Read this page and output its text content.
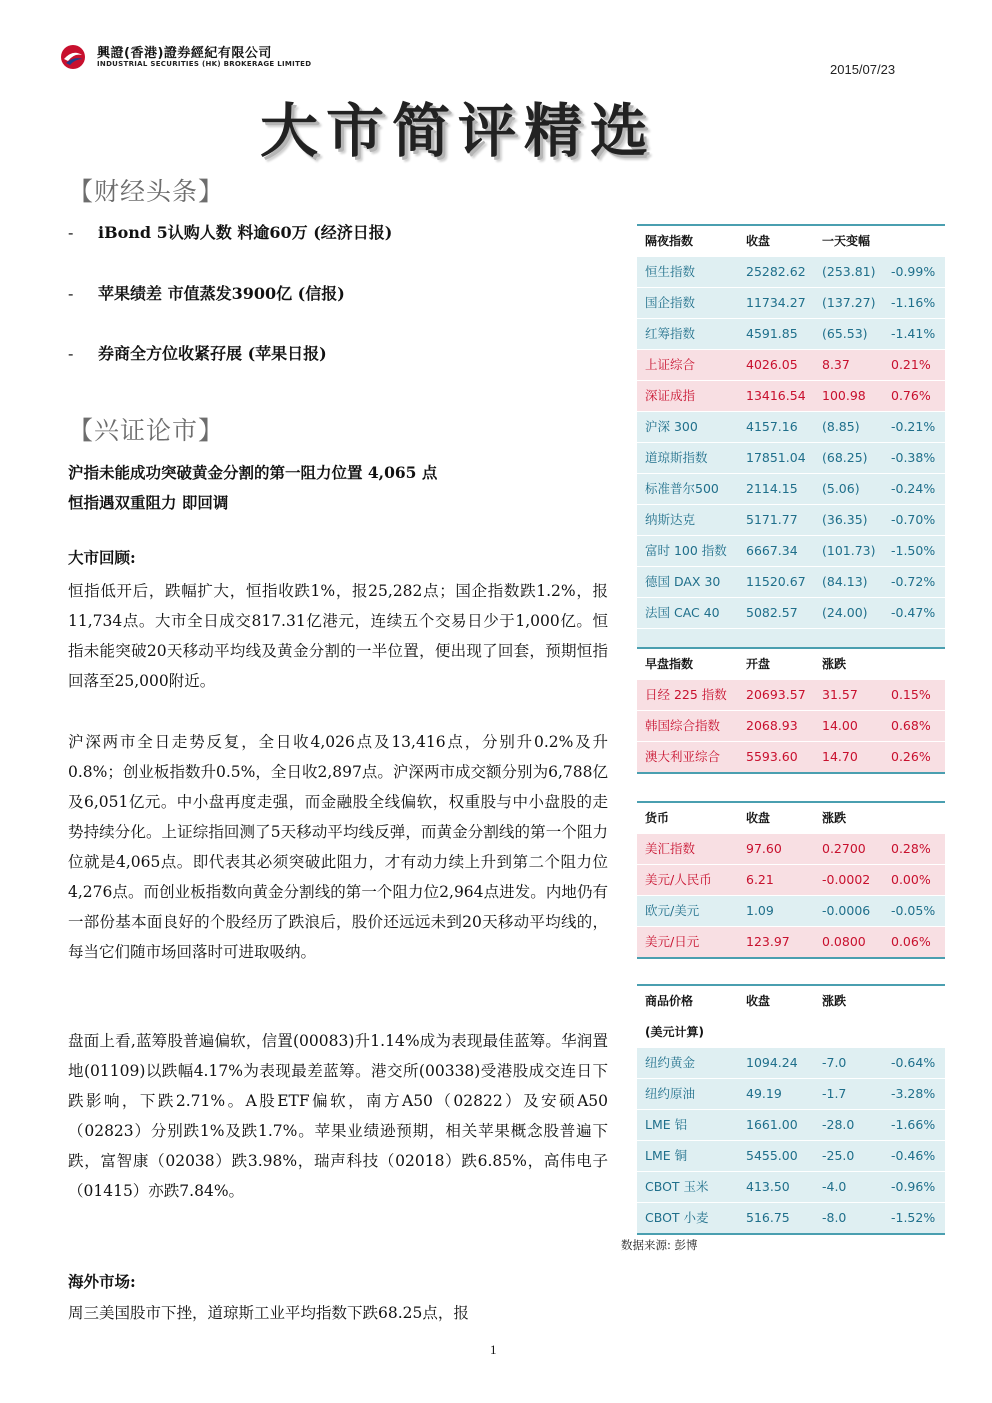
興證(香港)證券經紀有限公司
INDUSTRIAL SECURITIES (HK) BROKERAGE LIMITED	2015/07/23
大市简评精选
【财经头条】
- iBond 5认购人数 料逾60万 (经济日报)
- 苹果绩差 市值蒸发3900亿 (信报)
- 券商全方位收紧孖展 (苹果日报)
【兴证论市】
沪指未能成功突破黄金分割的第一阻力位置 4,065 点
恒指遇双重阻力 即回调
大市回顾:
恒指低开后，跌幅扩大，恒指收跌1%，报25,282点；国企指数跌1.2%，报11,734点。大市全日成交817.31亿港元，连续五个交易日少于1,000亿。恒指未能突破20天移动平均线及黄金分割的一半位置，便出现了回套，预期恒指回落至25,000附近。
沪深两市全日走势反复，全日收4,026点及13,416点，分别升0.2%及升0.8%；创业板指数升0.5%，全日收2,897点。沪深两市成交额分别为6,788亿及6,051亿元。中小盘再度走强，而金融股全线偏软，权重股与中小盘股的走势持续分化。上证综指回测了5天移动平均线反弹，而黄金分割线的第一个阻力位就是4,065点。即代表其必须突破此阻力，才有动力续上升到第二个阻力位4,276点。而创业板指数向黄金分割线的第一个阻力位2,964点进发。内地仍有一部份基本面良好的个股经历了跌浪后，股价还远远未到20天移动平均线的，每当它们随市场回落时可进取吸纳。
盘面上看,蓝筹股普遍偏软，信置(00083)升1.14%成为表现最佳蓝筹。华润置地(01109)以跌幅4.17%为表现最差蓝筹。港交所(00338)受港股成交连日下跌影响，下跌2.71%。A股ETF偏软，南方A50（02822）及安硕A50（02823）分别跌1%及跌1.7%。苹果业绩逊预期，相关苹果概念股普遍下跌，富智康（02038）跌3.98%，瑞声科技（02018）跌6.85%，高伟电子（01415）亦跌7.84%。
海外市场:
周三美国股市下挫，道琼斯工业平均指数下跌68.25点，报
隔夜指数	收盘	一天变幅
恒生指数	25282.62	(253.81)	-0.99%
国企指数	11734.27	(137.27)	-1.16%
红筹指数	4591.85	(65.53)	-1.41%
上证综合	4026.05	8.37	0.21%
深证成指	13416.54	100.98	0.76%
沪深 300	4157.16	(8.85)	-0.21%
道琼斯指数	17851.04	(68.25)	-0.38%
标准普尔500	2114.15	(5.06)	-0.24%
纳斯达克	5171.77	(36.35)	-0.70%
富时 100 指数	6667.34	(101.73)	-1.50%
德国 DAX 30	11520.67	(84.13)	-0.72%
法国 CAC 40	5082.57	(24.00)	-0.47%
早盘指数	开盘	涨跌
日经 225 指数	20693.57	31.57	0.15%
韩国综合指数	2068.93	14.00	0.68%
澳大利亚综合	5593.60	14.70	0.26%
货币	收盘	涨跌
美汇指数	97.60	0.2700	0.28%
美元/人民币	6.21	-0.0002	0.00%
欧元/美元	1.09	-0.0006	-0.05%
美元/日元	123.97	0.0800	0.06%
商品价格	收盘	涨跌
(美元计算)
纽约黄金	1094.24	-7.0	-0.64%
纽约原油	49.19	-1.7	-3.28%
LME 铝	1661.00	-28.0	-1.66%
LME 铜	5455.00	-25.0	-0.46%
CBOT 玉米	413.50	-4.0	-0.96%
CBOT 小麦	516.75	-8.0	-1.52%
数据来源: 彭博
1
